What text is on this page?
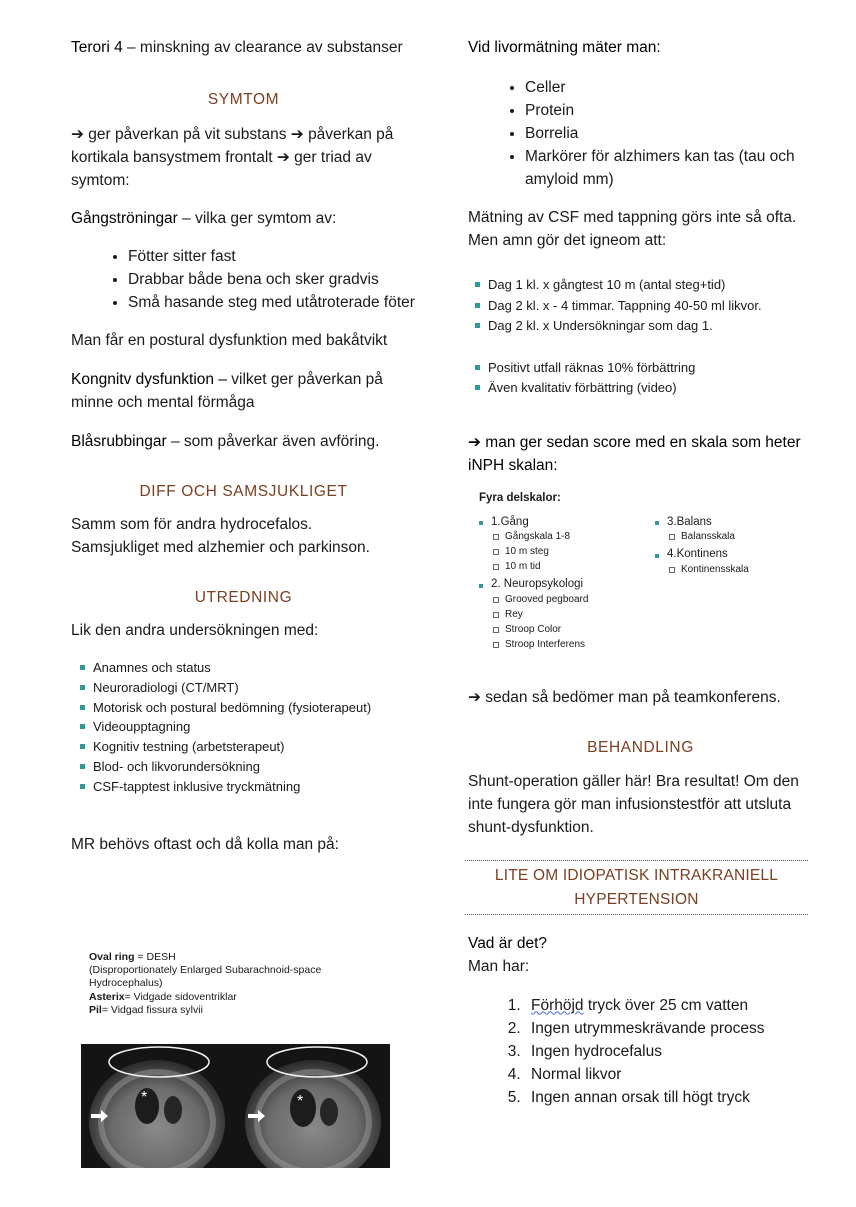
Terori 4 – minskning av clearance av substanser

SYMTOM

➔ ger påverkan på vit substans ➔ påverkan på kortikala bansystmem frontalt ➔ ger triad av symtom:

Gångströningar – vilka ger symtom av:

• Fötter sitter fast
• Drabbar både bena och sker gradvis
• Små hasande steg med utåtroterade föter

Man får en postural dysfunktion med bakåtvikt

Kongnitv dysfunktion – vilket ger påverkan på minne och mental förmåga

Blåsrubbingar – som påverkar även avföring.

DIFF OCH SAMSJUKLIGET

Samm som för andra hydrocefalos.

Samsjukliget med alzhemier och parkinson.

UTREDNING

Lik den andra undersökningen med:

Anamnes och status
Neuroradiologi (CT/MRT)
Motorisk och postural bedömning (fysioterapeut)
Videoupptagning
Kognitiv testning (arbetsterapeut)
Blod- och likvorundersökning
CSF-tapptest inklusive tryckmätning

MR behövs oftast och då kolla man på:

Oval ring = DESH
(Disproportionately Enlarged Subarachnoid-space Hydrocephalus)
Asterix= Vidgade sidoventriklar
Pil= Vidgad fissura sylvii
*	*

Vid livormätning mäter man:

• Celler
• Protein
• Borrelia
• Markörer för alzhimers kan tas (tau och amyloid mm)

Mätning av CSF med tappning görs inte så ofta. Men amn gör det igneom att:

Dag 1 kl. x gångtest 10 m (antal steg+tid)
Dag 2 kl. x - 4 timmar. Tappning 40-50 ml likvor.
Dag 2 kl. x Undersökningar som dag 1.
Positivt utfall räknas 10% förbättring
Även kvalitativ förbättring (video)

➔ man ger sedan score med en skala som heter iNPH skalan:

Fyra delskalor:
1.Gång
Gångskala 1-8
10 m steg
10 m tid
2. Neuropsykologi
Grooved pegboard
Rey
Stroop Color
Stroop Interferens
3.Balans
Balansskala
4.Kontinens
Kontinensskala

➔ sedan så bedömer man på teamkonferens.

BEHANDLING

Shunt-operation gäller här! Bra resultat! Om den inte fungera gör man infusionstestför att utsluta shunt-dysfunktion.

LITE OM IDIOPATISK INTRAKRANIELL

HYPERTENSION

Vad är det?

Man har:

1. Förhöjd tryck över 25 cm vatten
2. Ingen utrymmeskrävande process
3. Ingen hydrocefalus
4. Normal likvor
5. Ingen annan orsak till högt tryck
